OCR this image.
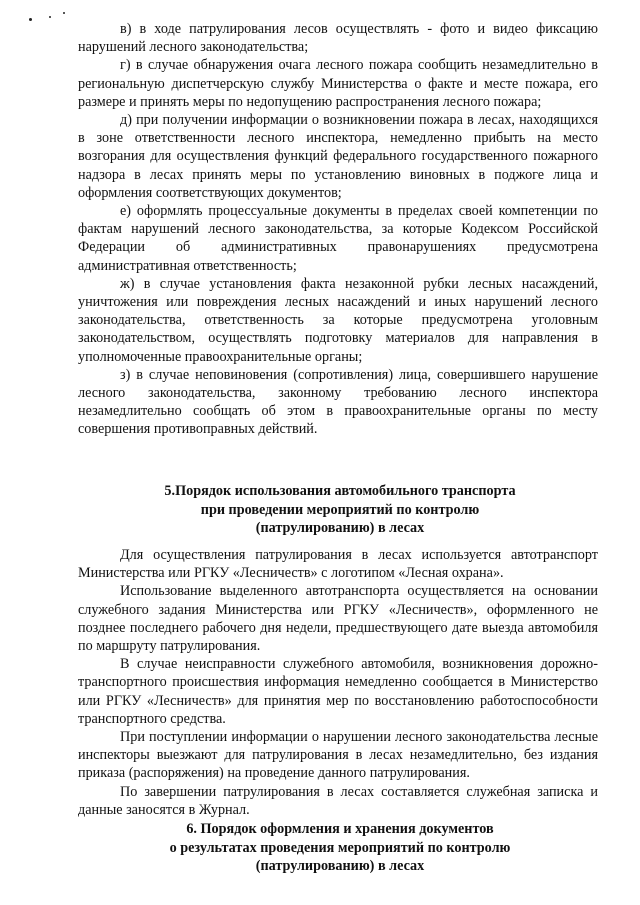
в) в ходе патрулирования лесов осуществлять - фото и видео фиксацию нарушений лесного законодательства;

г) в случае обнаружения очага лесного пожара сообщить незамедлительно в региональную диспетчерскую службу Министерства о факте и месте пожара, его размере и принять меры по недопущению распространения лесного пожара;

д) при получении информации о возникновении пожара в лесах, находящихся в зоне ответственности лесного инспектора, немедленно прибыть на место возгорания для осуществления функций федерального государственного пожарного надзора в лесах принять меры по установлению виновных в поджоге лица и оформления соответствующих документов;

е) оформлять процессуальные документы в пределах своей компетенции по фактам нарушений лесного законодательства, за которые Кодексом Российской Федерации об административных правонарушениях предусмотрена административная ответственность;

ж) в случае установления факта незаконной рубки лесных насаждений, уничтожения или повреждения лесных насаждений и иных нарушений лесного законодательства, ответственность за которые предусмотрена уголовным законодательством, осуществлять подготовку материалов для направления в уполномоченные правоохранительные органы;

з) в случае неповиновения (сопротивления) лица, совершившего нарушение лесного законодательства, законному требованию лесного инспектора незамедлительно сообщать об этом в правоохранительные органы по месту совершения противоправных действий.

5.Порядок использования автомобильного транспорта
при проведении мероприятий по контролю
(патрулированию) в лесах

Для осуществления патрулирования в лесах используется автотранспорт Министерства или РГКУ «Лесничеств» с логотипом «Лесная охрана».

Использование выделенного автотранспорта осуществляется на основании служебного задания Министерства или РГКУ «Лесничеств», оформленного не позднее последнего рабочего дня недели, предшествующего дате выезда автомобиля по маршруту патрулирования.

В случае неисправности служебного автомобиля, возникновения дорожно-транспортного происшествия информация немедленно сообщается в Министерство или РГКУ «Лесничеств» для принятия мер по восстановлению работоспособности транспортного средства.

При поступлении информации о нарушении лесного законодательства лесные инспекторы выезжают для патрулирования в лесах незамедлительно, без издания приказа (распоряжения) на проведение данного патрулирования.

По завершении патрулирования в лесах составляется служебная записка и данные заносятся в Журнал.

6. Порядок оформления и хранения документов
о результатах проведения мероприятий по контролю
(патрулированию) в лесах
